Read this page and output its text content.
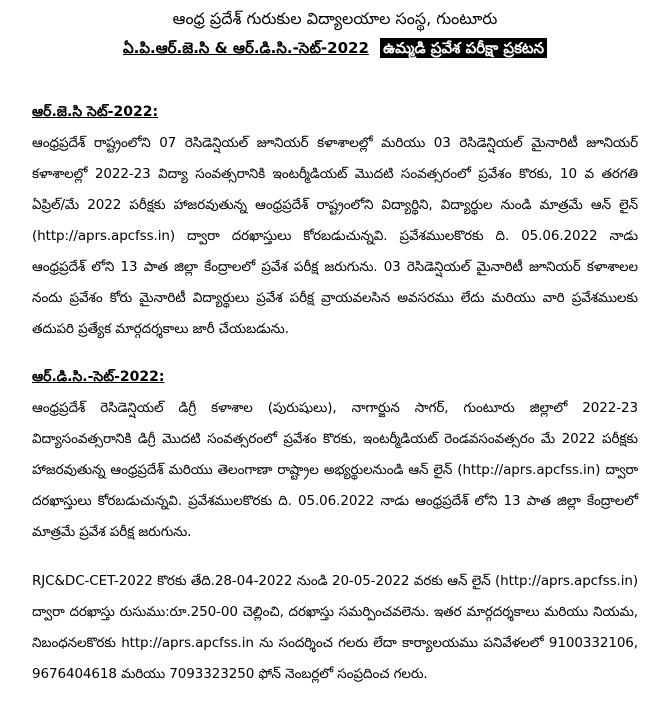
ఆంధ్ర ప్రదేశ్ గురుకుల విద్యాలయాల సంస్థ, గుంటూరు
ఏ.పి.ఆర్.జె.సి & ఆర్.డి.సి.-సెట్-2022 ఉమ్మడి ప్రవేశ పరీక్షా ప్రకటన
ఆర్.జె.సి సెట్-2022:
ఆంధ్రప్రదేశ్ రాష్ట్రంలోని 07 రెసిడెన్షియల్ జూనియర్ కళాశాలల్లో మరియు 03 రెసిడెన్షియల్ మైనారిటీ జూనియర్ కళాశాలల్లో 2022-23 విద్యా సంవత్సరానికి ఇంటర్మీడియట్ మొదటి సంవత్సరంలో ప్రవేశం కొరకు, 10 వ తరగతి ఏప్రిల్/మే 2022 పరీక్షకు హాజరవుతున్న ఆంధ్రప్రదేశ్ రాష్ట్రంలోని విద్యార్థిని, విద్యార్థుల నుండి మాత్రమే ఆన్ లైన్ (http://aprs.apcfss.in) ద్వారా దరఖాస్తులు కోరబడుచున్నవి. ప్రవేశములకొరకు ది. 05.06.2022 నాడు ఆంధ్రప్రదేశ్ లోని 13 పాత జిల్లా కేంద్రాలలో ప్రవేశ పరీక్ష జరుగును. 03 రెసిడెన్షియల్ మైనారిటీ జూనియర్ కళాశాలల నందు ప్రవేశం కోరు మైనారిటీ విద్యార్థులు ప్రవేశ పరీక్ష వ్రాయవలసిన అవసరము లేదు మరియు వారి ప్రవేశములకు తదుపరి ప్రత్యేక మార్గదర్శకాలు జారీ చేయబడును.
ఆర్.డి.సి.-సెట్-2022:
ఆంధ్రప్రదేశ్ రెసిడెన్షియల్ డిగ్రీ కళాశాల (పురుషులు), నాగార్జున సాగర్, గుంటూరు జిల్లాలో 2022-23 విద్యాసంవత్సరానికి డిగ్రీ మొదటి సంవత్సరంలో ప్రవేశం కొరకు, ఇంటర్మీడియట్ రెండవసంవత్సరం మే 2022 పరీక్షకు హాజరవుతున్న ఆంధ్రప్రదేశ్ మరియు తెలంగాణా రాష్ట్రాల అభ్యర్థులనుండి ఆన్ లైన్ (http://aprs.apcfss.in) ద్వారా దరఖాస్తులు కోరబడుచున్నవి. ప్రవేశములకొరకు ది. 05.06.2022 నాడు ఆంధ్రప్రదేశ్ లోని 13 పాత జిల్లా కేంద్రాలలో మాత్రమే ప్రవేశ పరీక్ష జరుగును.
RJC&DC-CET-2022 కొరకు తేది.28-04-2022 నుండి 20-05-2022 వరకు ఆన్ లైన్ (http://aprs.apcfss.in) ద్వారా దరఖాస్తు రుసుము:రూ.250-00 చెల్లించి, దరఖాస్తు సమర్పించవలెను. ఇతర మార్గదర్శకాలు మరియు నియమ, నిబంధనలకొరకు http://aprs.apcfss.in ను సందర్శించ గలరు లేదా కార్యాలయము పనివేళలలో 9100332106, 9676404618 మరియు 7093323250 ఫోన్ నెంబర్లలో సంప్రదించ గలరు.
